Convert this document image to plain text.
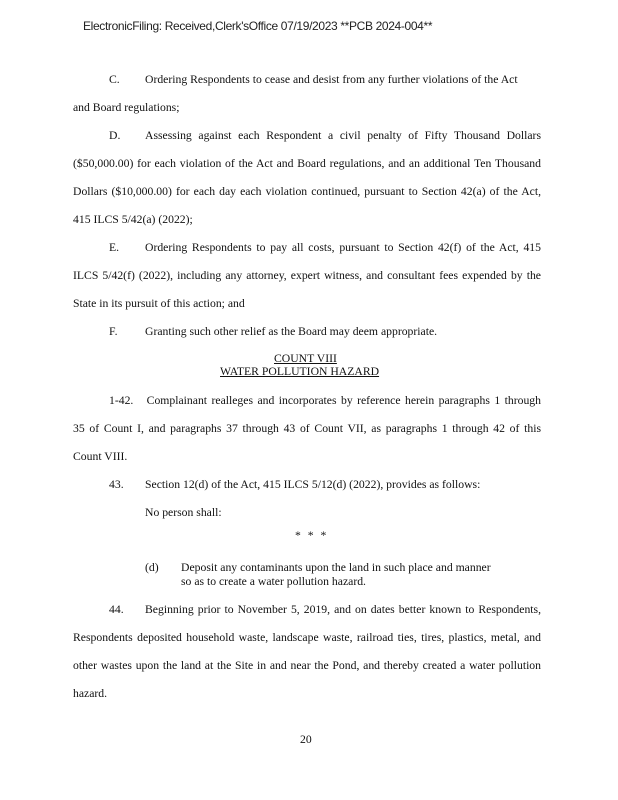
ElectronicFiling: Received,Clerk'sOffice 07/19/2023 **PCB 2024-004**
C. Ordering Respondents to cease and desist from any further violations of the Act
and Board regulations;
D. Assessing against each Respondent a civil penalty of Fifty Thousand Dollars
($50,000.00) for each violation of the Act and Board regulations, and an additional Ten Thousand
Dollars ($10,000.00) for each day each violation continued, pursuant to Section 42(a) of the Act,
415 ILCS 5/42(a) (2022);
E. Ordering Respondents to pay all costs, pursuant to Section 42(f) of the Act, 415
ILCS 5/42(f) (2022), including any attorney, expert witness, and consultant fees expended by the
State in its pursuit of this action; and
F. Granting such other relief as the Board may deem appropriate.
COUNT VIII
WATER POLLUTION HAZARD
1-42.   Complainant realleges and incorporates by reference herein paragraphs 1 through
35 of Count I, and paragraphs 37 through 43 of Count VII, as paragraphs 1 through 42 of this
Count VIII.
43. Section 12(d) of the Act, 415 ILCS 5/12(d) (2022), provides as follows:
No person shall:
* * *
(d) Deposit any contaminants upon the land in such place and manner
so as to create a water pollution hazard.
44. Beginning prior to November 5, 2019, and on dates better known to Respondents,
Respondents deposited household waste, landscape waste, railroad ties, tires, plastics, metal, and
other wastes upon the land at the Site in and near the Pond, and thereby created a water pollution
hazard.
20
